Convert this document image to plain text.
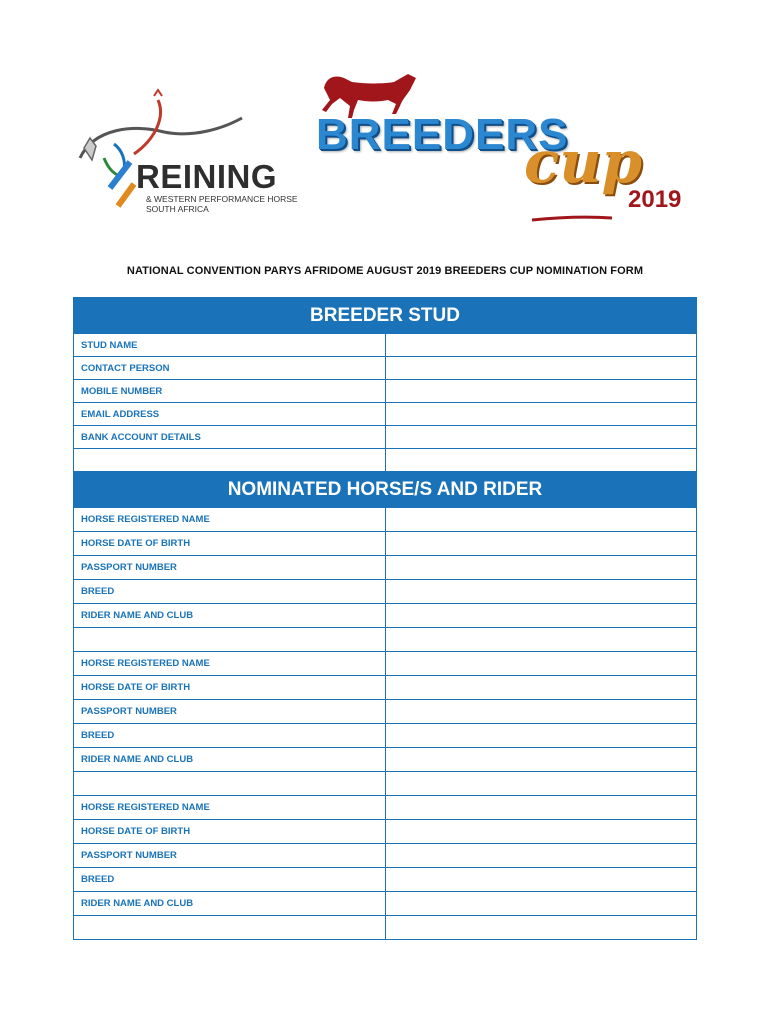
REINING
& WESTERN PERFORMANCE HORSE
SOUTH AFRICA
BREEDERS
cup
2019
NATIONAL CONVENTION PARYS AFRIDOME AUGUST 2019 BREEDERS CUP NOMINATION FORM
BREEDER STUD	
STUD NAME	
CONTACT PERSON	
MOBILE NUMBER	
EMAIL ADDRESS	
BANK ACCOUNT DETAILS	

NOMINATED HORSE/S AND RIDER	
HORSE REGISTERED NAME	
HORSE DATE OF BIRTH	
PASSPORT NUMBER	
BREED	
RIDER NAME AND CLUB	

HORSE REGISTERED NAME	
HORSE DATE OF BIRTH	
PASSPORT NUMBER	
BREED	
RIDER NAME AND CLUB	

HORSE REGISTERED NAME	
HORSE DATE OF BIRTH	
PASSPORT NUMBER	
BREED	
RIDER NAME AND CLUB	
